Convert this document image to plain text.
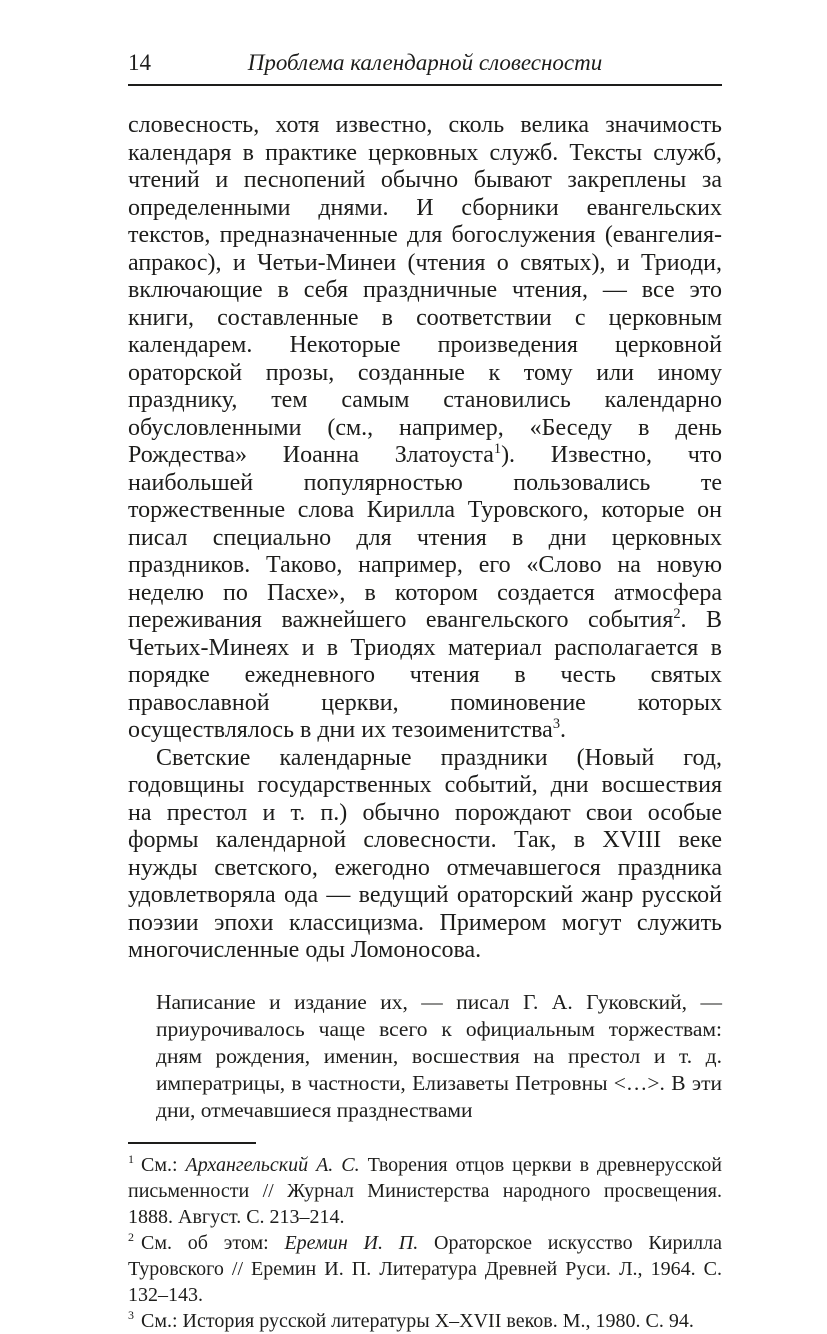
14	Проблема календарной словесности

словесность, хотя известно, сколь велика значимость календаря в практике церковных служб. Тексты служб, чтений и песнопений обычно бывают закреплены за определенными днями. И сборники евангельских текстов, предназначенные для богослужения (евангелия-апракос), и Четьи-Минеи (чтения о святых), и Триоди, включающие в себя праздничные чтения, — все это книги, составленные в соответствии с церковным календарем. Некоторые произведения церковной ораторской прозы, созданные к тому или иному празднику, тем самым становились календарно обусловленными (см., например, «Беседу в день Рождества» Иоанна Златоуста$^1$). Известно, что наибольшей популярностью пользовались те торжественные слова Кирилла Туровского, которые он писал специально для чтения в дни церковных праздников. Таково, например, его «Слово на новую неделю по Пасхе», в котором создается атмосфера переживания важнейшего евангельского события$^2$. В Четьих-Минеях и в Триодях материал располагается в порядке ежедневного чтения в честь святых православной церкви, поминовение которых осуществлялось в дни их тезоименитства$^3$.

Светские календарные праздники (Новый год, годовщины государственных событий, дни восшествия на престол и т. п.) обычно порождают свои особые формы календарной словесности. Так, в XVIII веке нужды светского, ежегодно отмечавшегося праздника удовлетворяла ода — ведущий ораторский жанр русской поэзии эпохи классицизма. Примером могут служить многочисленные оды Ломоносова.

Написание и издание их, — писал Г. А. Гуковский, — приурочивалось чаще всего к официальным торжествам: дням рождения, именин, восшествия на престол и т. д. императрицы, в частности, Елизаветы Петровны <…>. В эти дни, отмечавшиеся празднествами

$^1$ См.: Архангельский А. С. Творения отцов церкви в древнерусской письменности // Журнал Министерства народного просвещения. 1888. Август. С. 213–214.

$^2$ См. об этом: Еремин И. П. Ораторское искусство Кирилла Туровского // Еремин И. П. Литература Древней Руси. Л., 1964. С. 132–143.

$^3$ См.: История русской литературы X–XVII веков. М., 1980. С. 94.
